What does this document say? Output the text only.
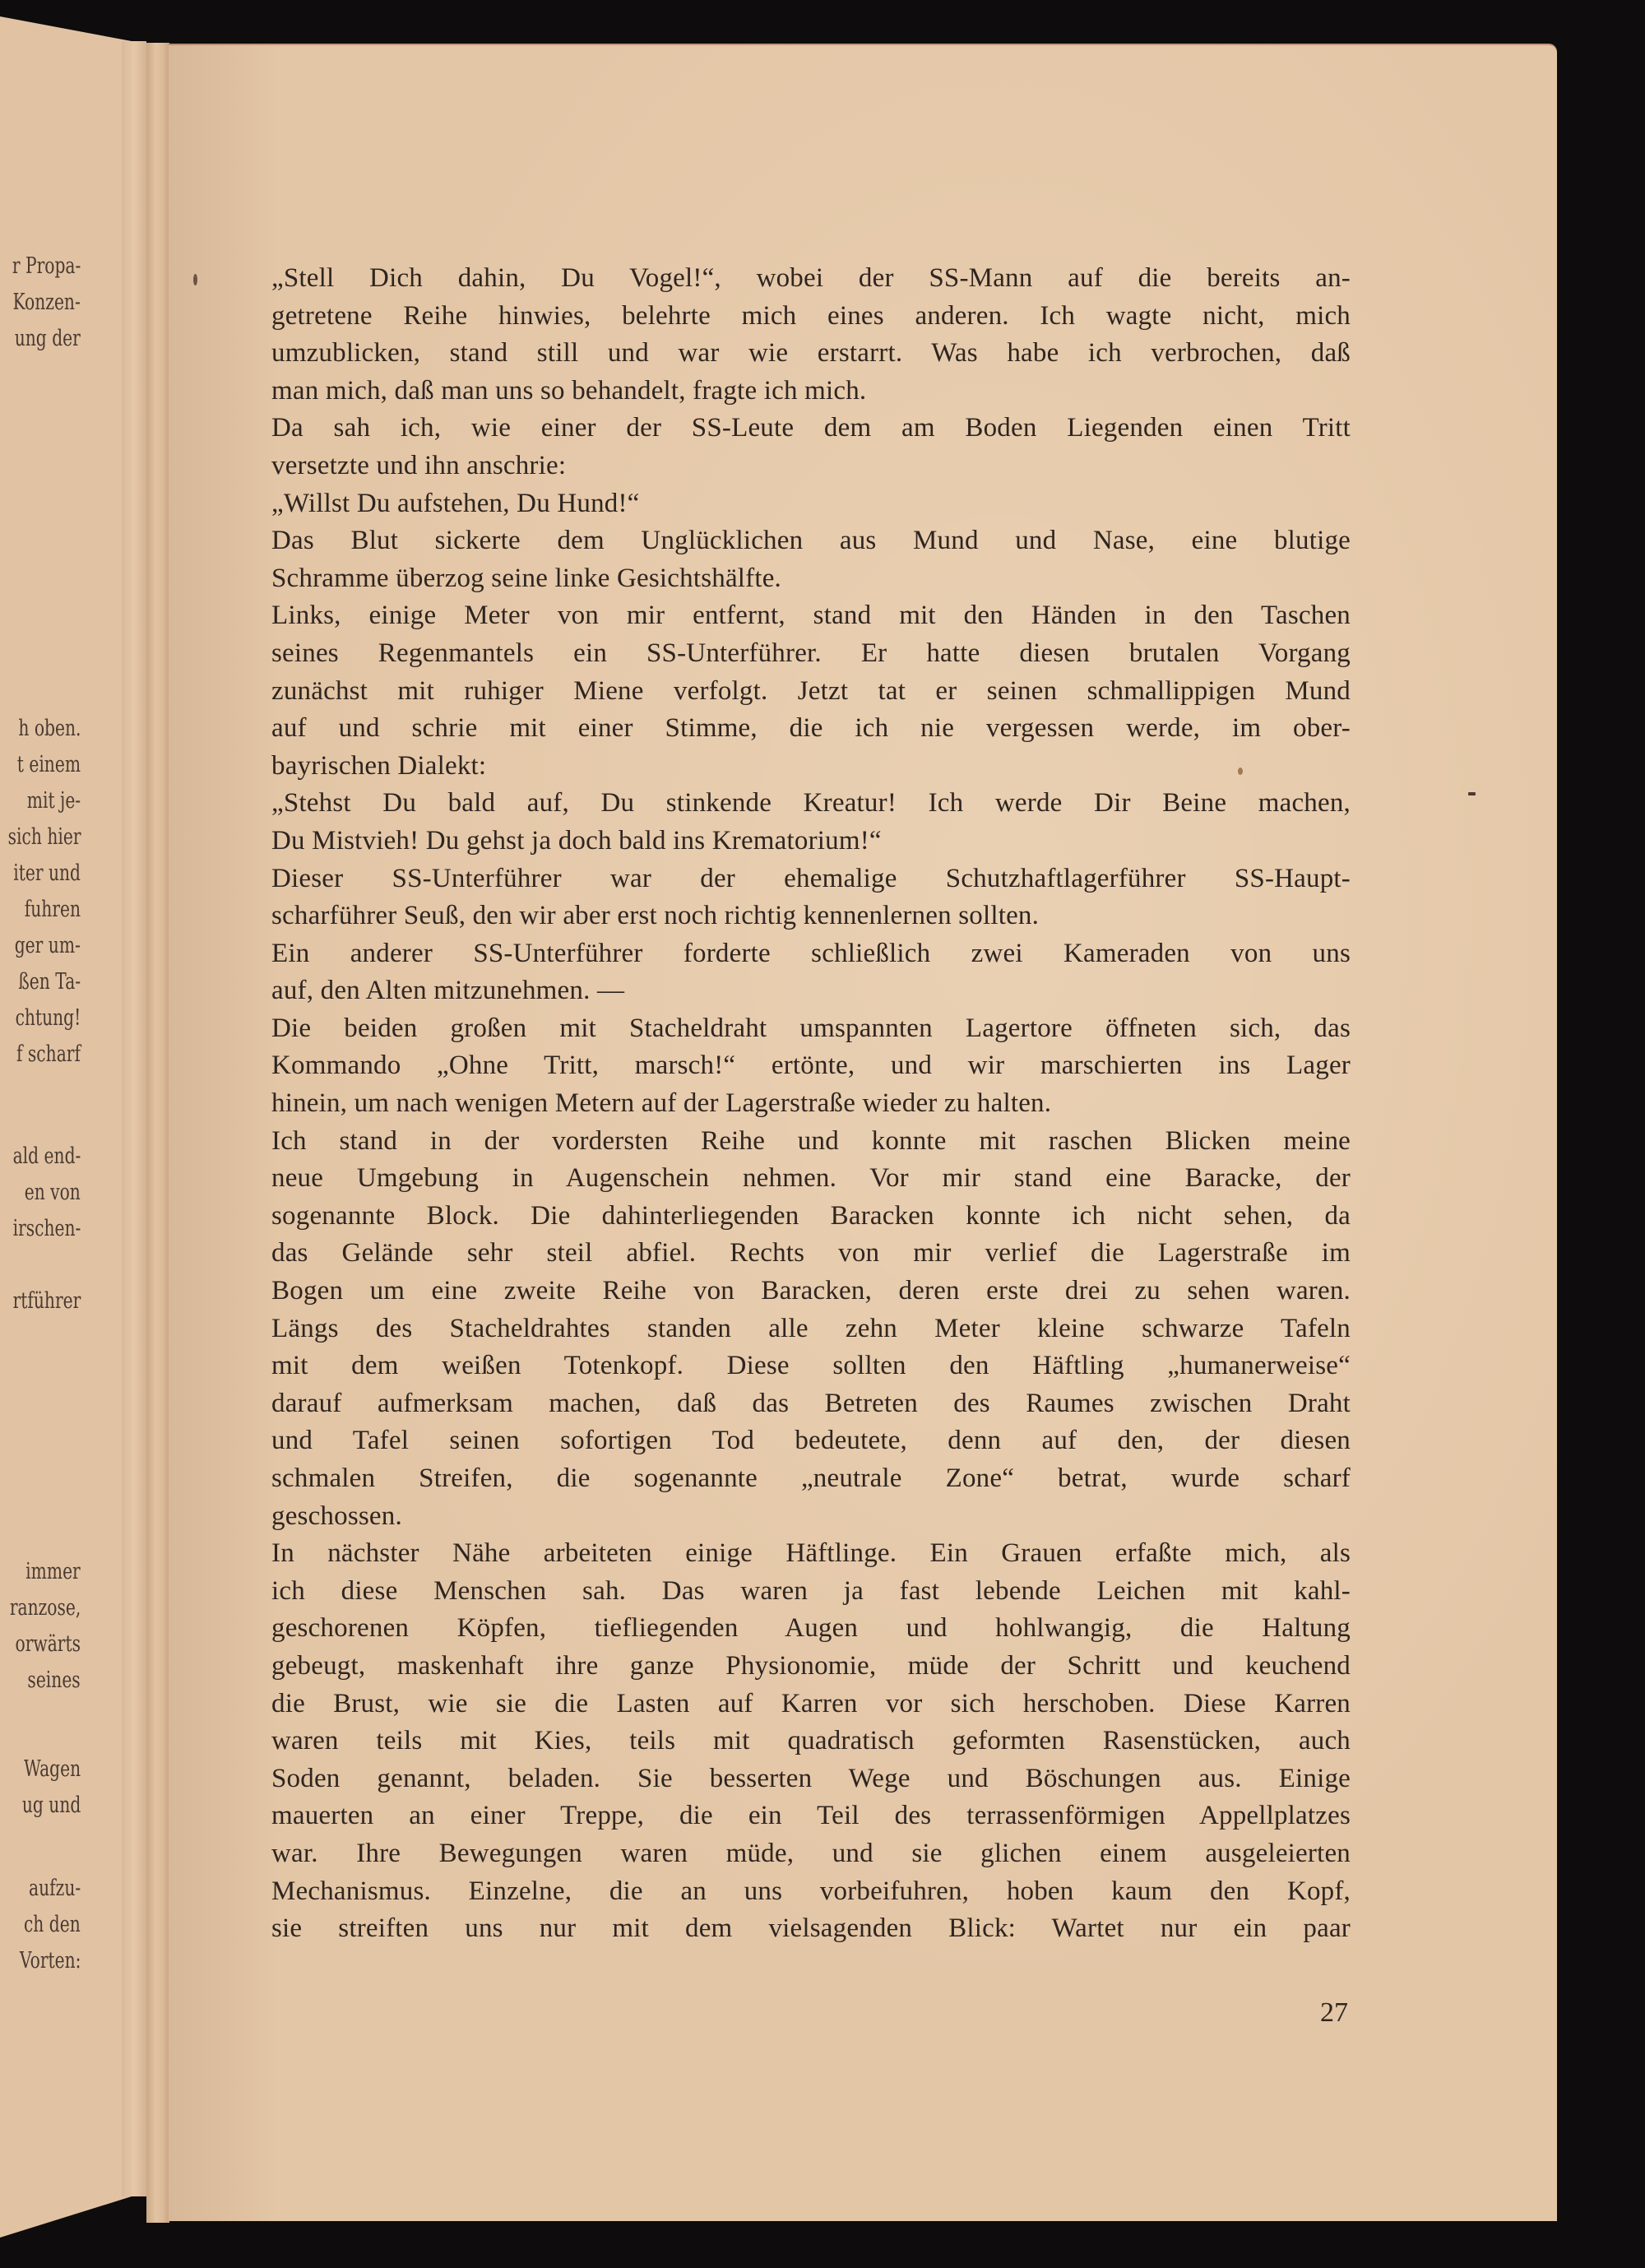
r Propa-
Konzen-
ung der
h oben.
t einem
mit je-
sich hier
iter und
fuhren
ger um-
ßen Ta-
chtung!
f scharf
ald end-
en von
irschen-
rtführer
immer
ranzose,
orwärts
seines
Wagen
ug und
aufzu-
ch den
Vorten:
„Stell Dich dahin, Du Vogel!“, wobei der SS-Mann auf die bereits an-
getretene Reihe hinwies, belehrte mich eines anderen. Ich wagte nicht, mich
umzublicken, stand still und war wie erstarrt. Was habe ich verbrochen, daß
man mich, daß man uns so behandelt, fragte ich mich.
Da sah ich, wie einer der SS-Leute dem am Boden Liegenden einen Tritt
versetzte und ihn anschrie:
„Willst Du aufstehen, Du Hund!“
Das Blut sickerte dem Unglücklichen aus Mund und Nase, eine blutige
Schramme überzog seine linke Gesichtshälfte.
Links, einige Meter von mir entfernt, stand mit den Händen in den Taschen
seines Regenmantels ein SS-Unterführer. Er hatte diesen brutalen Vorgang
zunächst mit ruhiger Miene verfolgt. Jetzt tat er seinen schmallippigen Mund
auf und schrie mit einer Stimme, die ich nie vergessen werde, im ober-
bayrischen Dialekt:
„Stehst Du bald auf, Du stinkende Kreatur! Ich werde Dir Beine machen,
Du Mistvieh! Du gehst ja doch bald ins Krematorium!“
Dieser SS-Unterführer war der ehemalige Schutzhaftlagerführer SS-Haupt-
scharführer Seuß, den wir aber erst noch richtig kennenlernen sollten.
Ein anderer SS-Unterführer forderte schließlich zwei Kameraden von uns
auf, den Alten mitzunehmen. —
Die beiden großen mit Stacheldraht umspannten Lagertore öffneten sich, das
Kommando „Ohne Tritt, marsch!“ ertönte, und wir marschierten ins Lager
hinein, um nach wenigen Metern auf der Lagerstraße wieder zu halten.
Ich stand in der vordersten Reihe und konnte mit raschen Blicken meine
neue Umgebung in Augenschein nehmen. Vor mir stand eine Baracke, der
sogenannte Block. Die dahinterliegenden Baracken konnte ich nicht sehen, da
das Gelände sehr steil abfiel. Rechts von mir verlief die Lagerstraße im
Bogen um eine zweite Reihe von Baracken, deren erste drei zu sehen waren.
Längs des Stacheldrahtes standen alle zehn Meter kleine schwarze Tafeln
mit dem weißen Totenkopf. Diese sollten den Häftling „humanerweise“
darauf aufmerksam machen, daß das Betreten des Raumes zwischen Draht
und Tafel seinen sofortigen Tod bedeutete, denn auf den, der diesen
schmalen Streifen, die sogenannte „neutrale Zone“ betrat, wurde scharf
geschossen.
In nächster Nähe arbeiteten einige Häftlinge. Ein Grauen erfaßte mich, als
ich diese Menschen sah. Das waren ja fast lebende Leichen mit kahl-
geschorenen Köpfen, tiefliegenden Augen und hohlwangig, die Haltung
gebeugt, maskenhaft ihre ganze Physionomie, müde der Schritt und keuchend
die Brust, wie sie die Lasten auf Karren vor sich herschoben. Diese Karren
waren teils mit Kies, teils mit quadratisch geformten Rasenstücken, auch
Soden genannt, beladen. Sie besserten Wege und Böschungen aus. Einige
mauerten an einer Treppe, die ein Teil des terrassenförmigen Appellplatzes
war. Ihre Bewegungen waren müde, und sie glichen einem ausgeleierten
Mechanismus. Einzelne, die an uns vorbeifuhren, hoben kaum den Kopf,
sie streiften uns nur mit dem vielsagenden Blick: Wartet nur ein paar
27
